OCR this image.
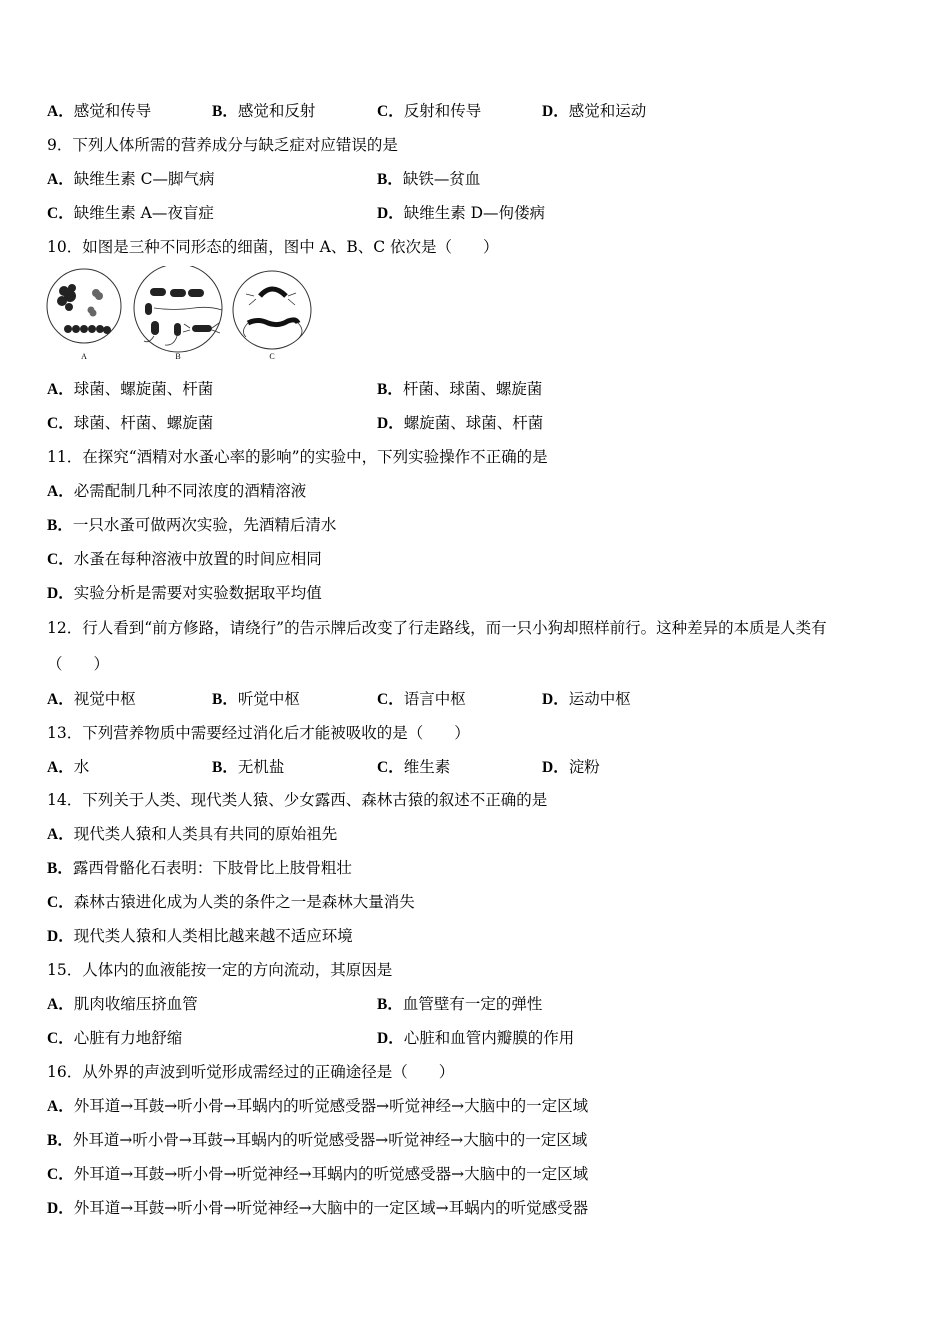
A．感觉和传导	B．感觉和反射	C．反射和传导	D．感觉和运动
9．下列人体所需的营养成分与缺乏症对应错误的是
A．缺维生素 C—脚气病	B．缺铁—贫血
C．缺维生素 A—夜盲症	D．缺维生素 D—佝偻病
10．如图是三种不同形态的细菌，图中 A、B、C 依次是（　　）
A．球菌、螺旋菌、杆菌	B．杆菌、球菌、螺旋菌
C．球菌、杆菌、螺旋菌	D．螺旋菌、球菌、杆菌
11．在探究“酒精对水蚤心率的影响”的实验中，下列实验操作不正确的是
A．必需配制几种不同浓度的酒精溶液
B．一只水蚤可做两次实验，先酒精后清水
C．水蚤在每种溶液中放置的时间应相同
D．实验分析是需要对实验数据取平均值
12．行人看到“前方修路，请绕行”的告示牌后改变了行走路线，而一只小狗却照样前行。这种差异的本质是人类有
（　　）
A．视觉中枢	B．听觉中枢	C．语言中枢	D．运动中枢
13．下列营养物质中需要经过消化后才能被吸收的是（　　）
A．水	B．无机盐	C．维生素	D．淀粉
14．下列关于人类、现代类人猿、少女露西、森林古猿的叙述不正确的是
A．现代类人猿和人类具有共同的原始祖先
B．露西骨骼化石表明：下肢骨比上肢骨粗壮
C．森林古猿进化成为人类的条件之一是森林大量消失
D．现代类人猿和人类相比越来越不适应环境
15．人体内的血液能按一定的方向流动，其原因是
A．肌肉收缩压挤血管	B．血管壁有一定的弹性
C．心脏有力地舒缩	D．心脏和血管内瓣膜的作用
16．从外界的声波到听觉形成需经过的正确途径是（　　）
A．外耳道→耳鼓→听小骨→耳蜗内的听觉感受器→听觉神经→大脑中的一定区域
B．外耳道→听小骨→耳鼓→耳蜗内的听觉感受器→听觉神经→大脑中的一定区域
C．外耳道→耳鼓→听小骨→听觉神经→耳蜗内的听觉感受器→大脑中的一定区域
D．外耳道→耳鼓→听小骨→听觉神经→大脑中的一定区域→耳蜗内的听觉感受器
A	B	C
